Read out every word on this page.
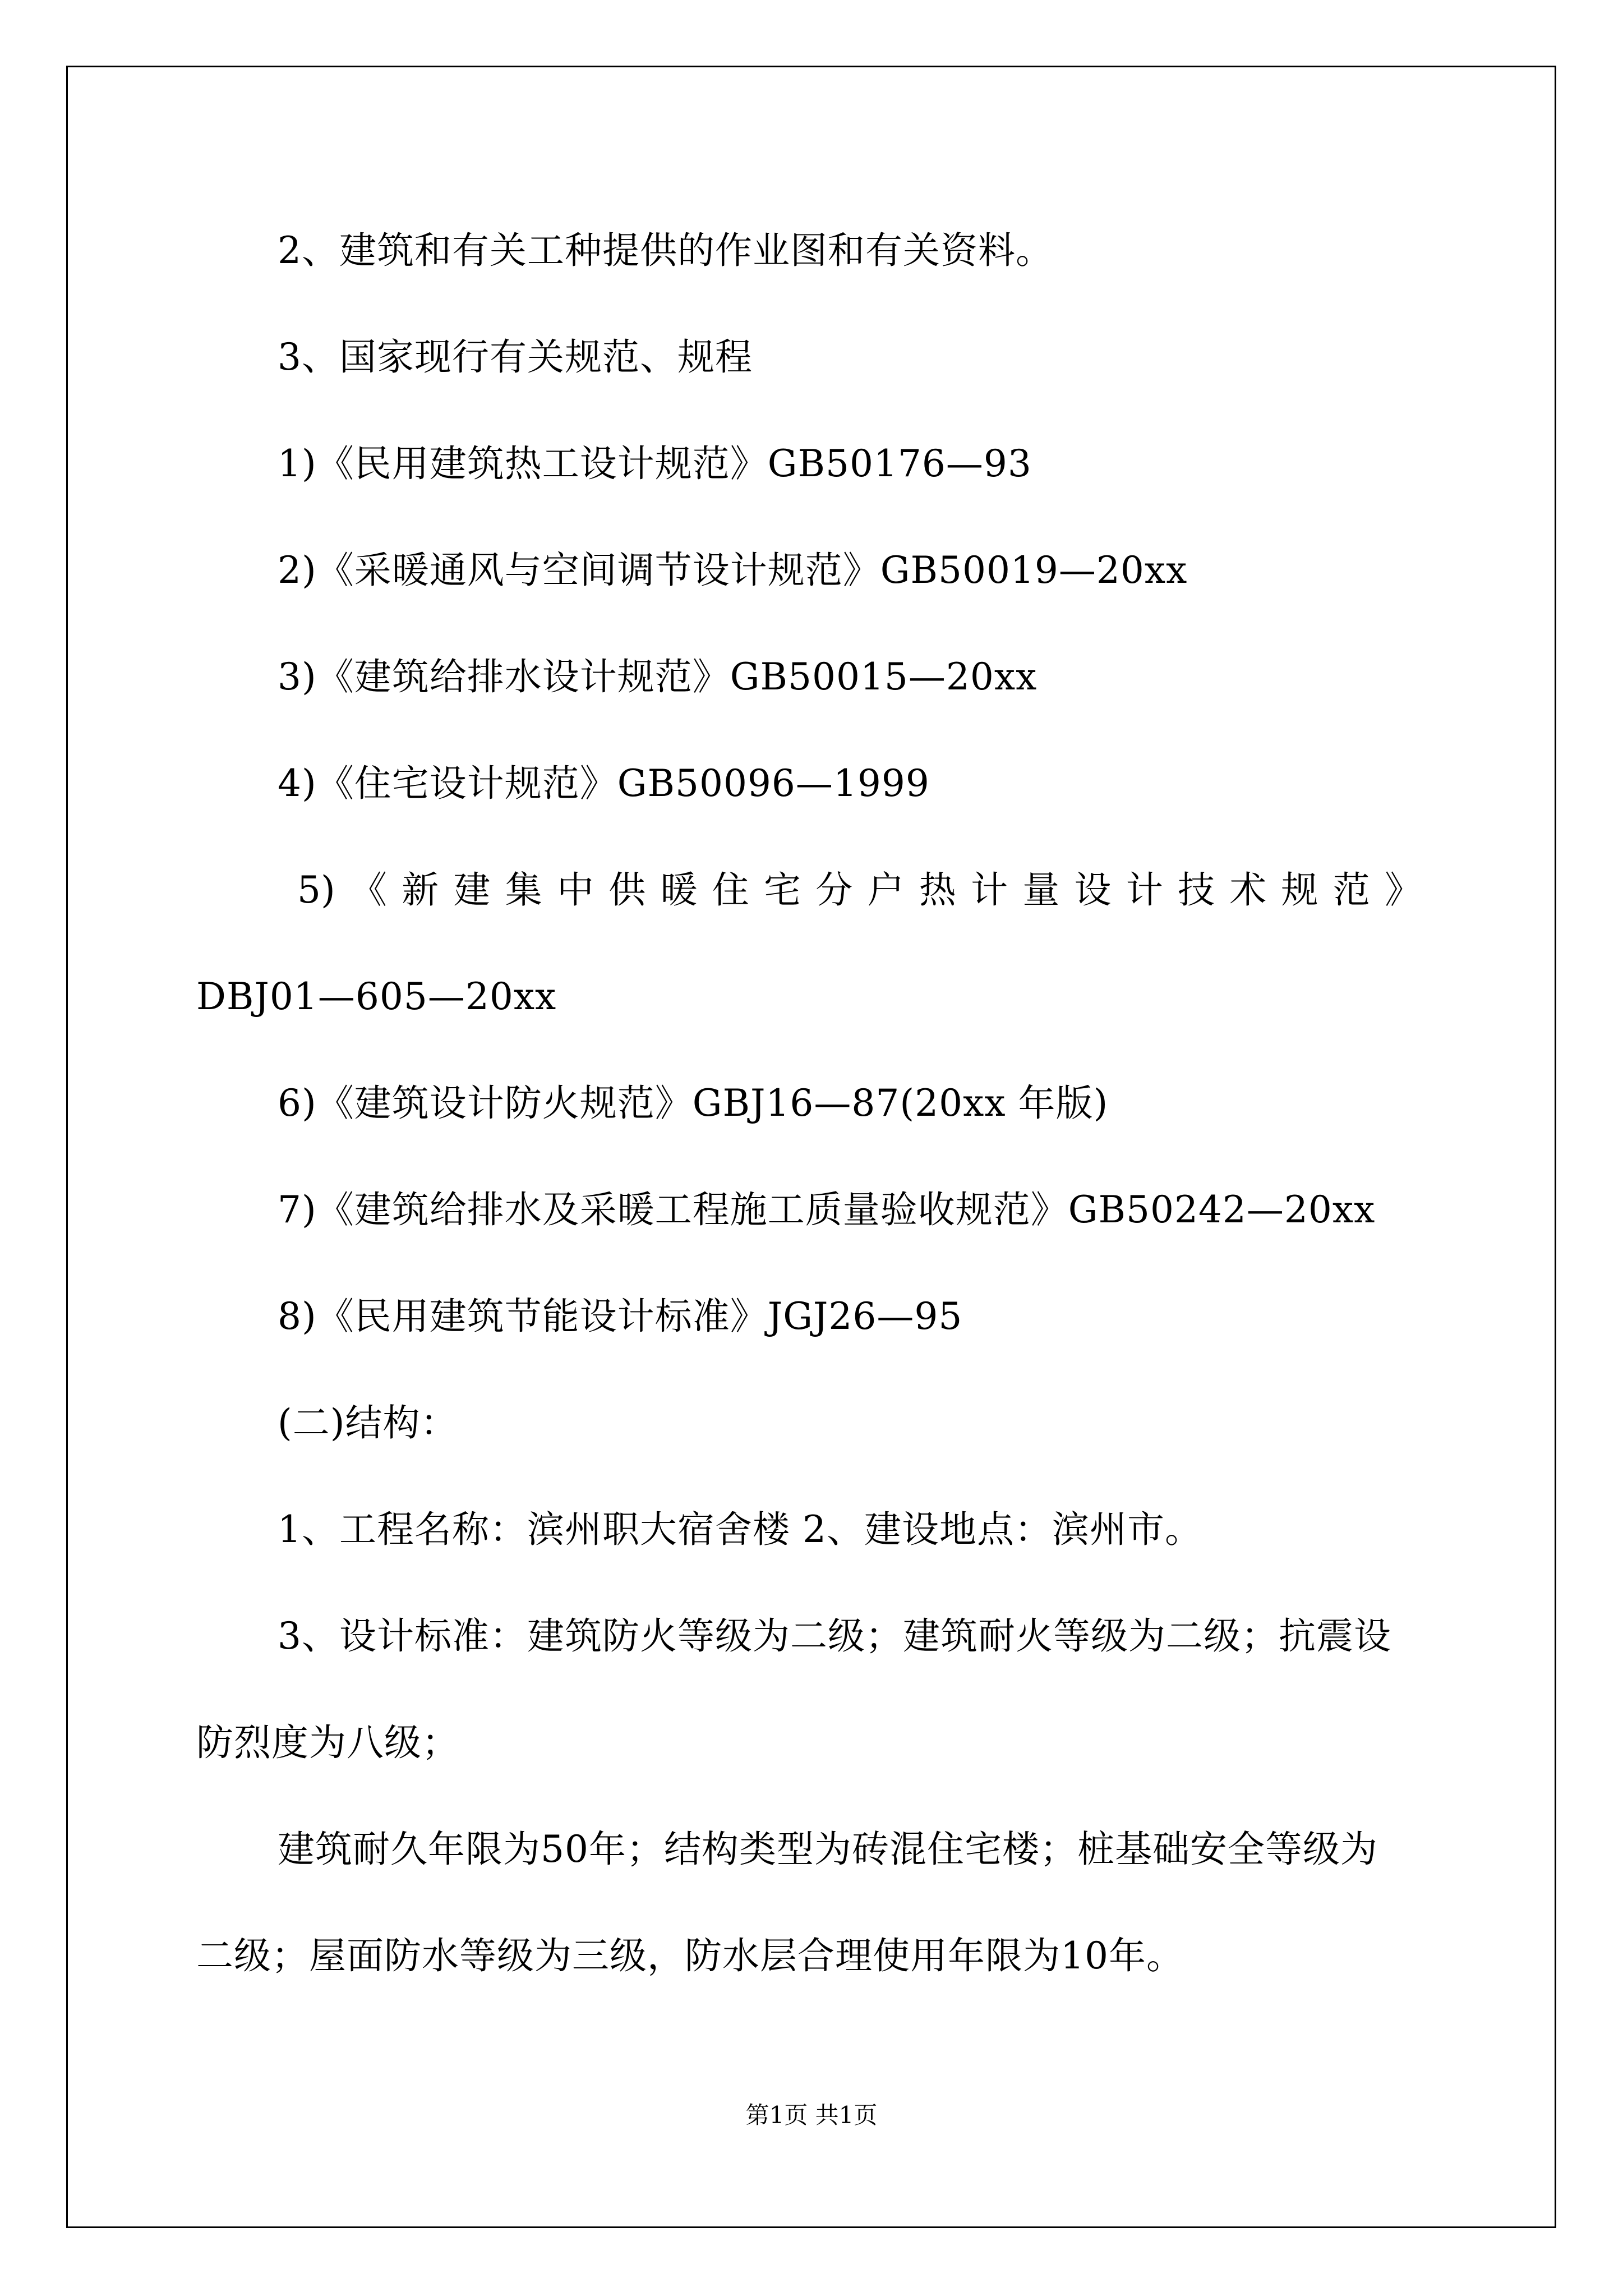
2、建筑和有关工种提供的作业图和有关资料。

3、国家现行有关规范、规程

1)《民用建筑热工设计规范》GB50176—93

2)《采暖通风与空间调节设计规范》GB50019—20xx

3)《建筑给排水设计规范》GB50015—20xx

4)《住宅设计规范》GB50096—1999

5) 《 新 建 集 中 供 暖 住 宅 分 户 热 计 量 设 计 技 术 规 范 》

DBJ01—605—20xx

6)《建筑设计防火规范》GBJ16—87(20xx 年版)

7)《建筑给排水及采暖工程施工质量验收规范》GB50242—20xx

8)《民用建筑节能设计标准》JGJ26—95

(二)结构：

1、工程名称：滨州职大宿舍楼 2、建设地点：滨州市。

3、设计标准：建筑防火等级为二级；建筑耐火等级为二级；抗震设

防烈度为八级；

建筑耐久年限为50年；结构类型为砖混住宅楼；桩基础安全等级为

二级；屋面防水等级为三级，防水层合理使用年限为10年。

第1页 共1页
